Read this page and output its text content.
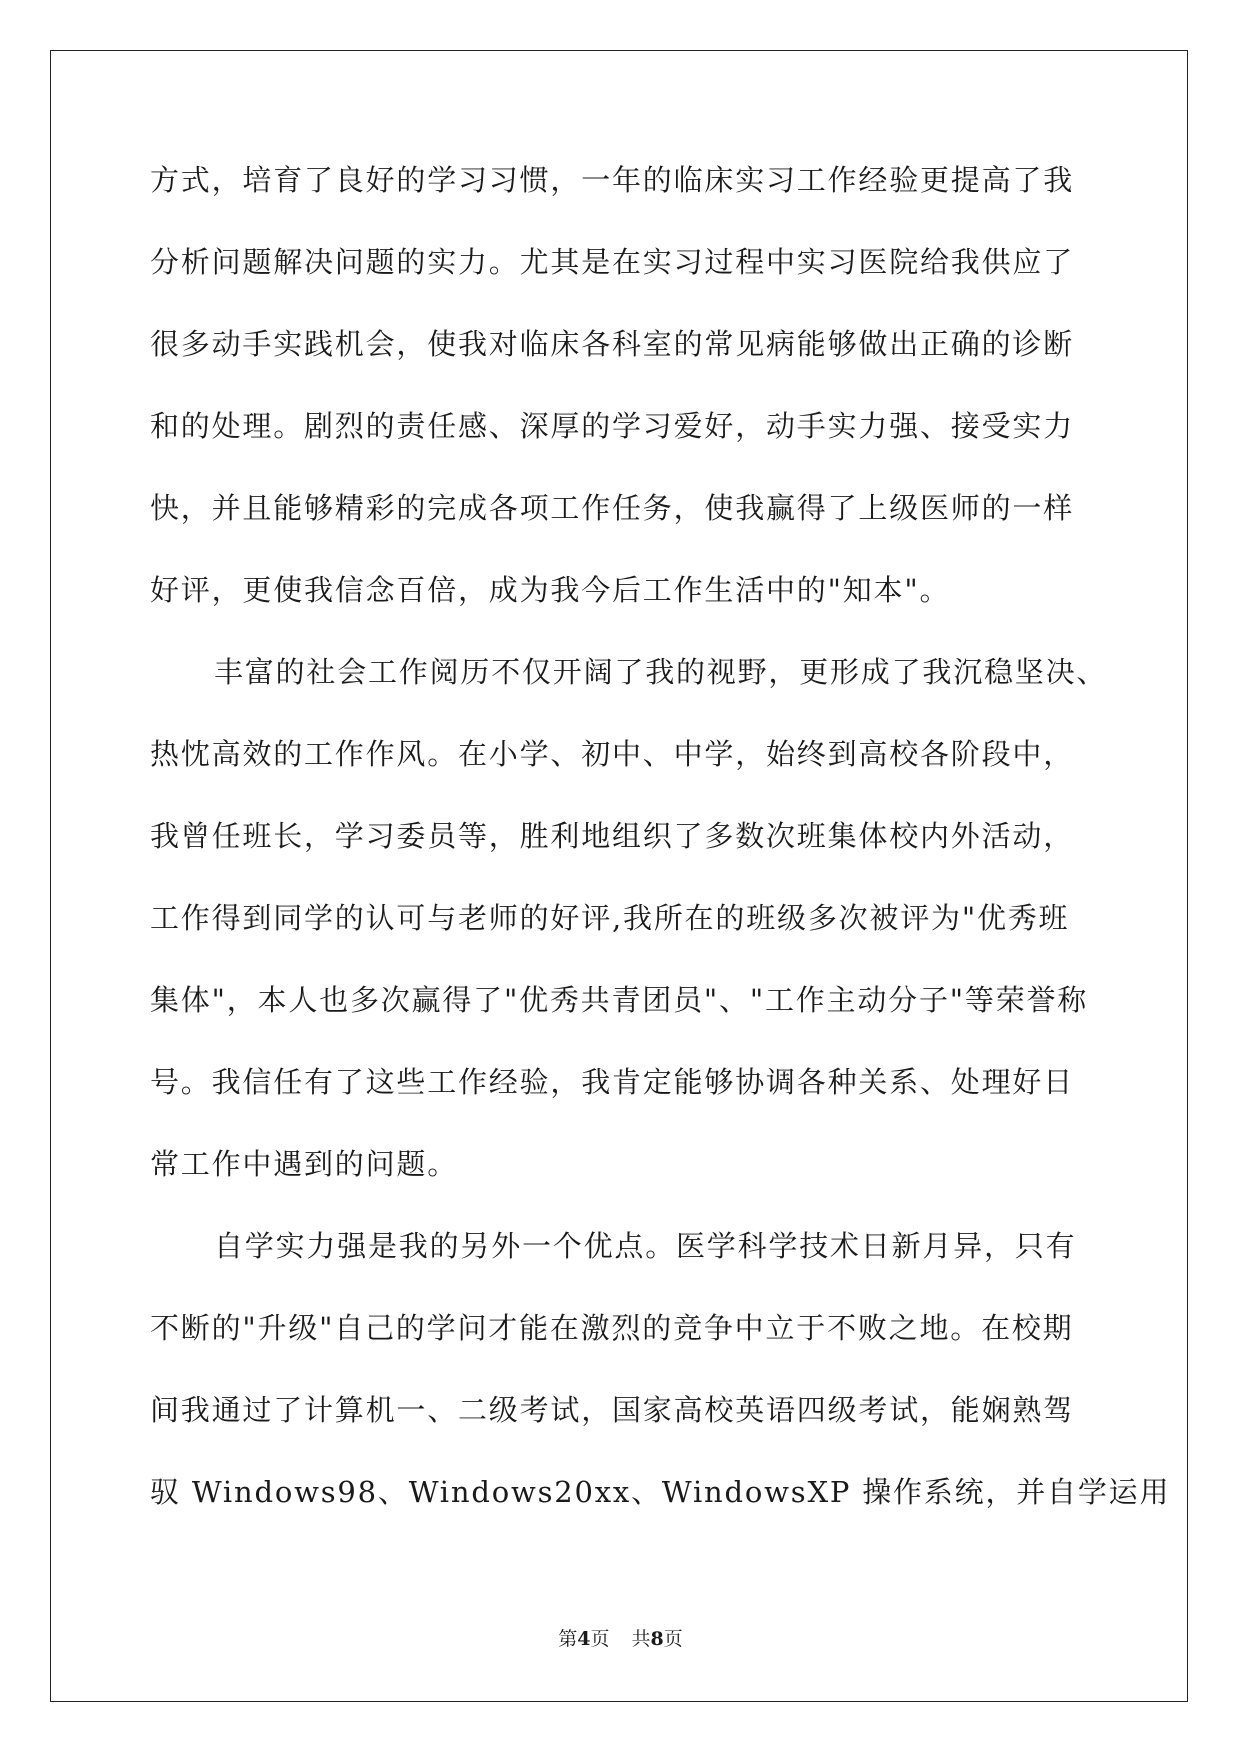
方式，培育了良好的学习习惯，一年的临床实习工作经验更提高了我
分析问题解决问题的实力。尤其是在实习过程中实习医院给我供应了
很多动手实践机会，使我对临床各科室的常见病能够做出正确的诊断
和的处理。剧烈的责任感、深厚的学习爱好，动手实力强、接受实力
快，并且能够精彩的完成各项工作任务，使我赢得了上级医师的一样
好评，更使我信念百倍，成为我今后工作生活中的"知本"。
丰富的社会工作阅历不仅开阔了我的视野，更形成了我沉稳坚决、
热忱高效的工作作风。在小学、初中、中学，始终到高校各阶段中，
我曾任班长，学习委员等，胜利地组织了多数次班集体校内外活动，
工作得到同学的认可与老师的好评,我所在的班级多次被评为"优秀班
集体"，本人也多次赢得了"优秀共青团员"、"工作主动分子"等荣誉称
号。我信任有了这些工作经验，我肯定能够协调各种关系、处理好日
常工作中遇到的问题。
自学实力强是我的另外一个优点。医学科学技术日新月异，只有
不断的"升级"自己的学问才能在激烈的竞争中立于不败之地。在校期
间我通过了计算机一、二级考试，国家高校英语四级考试，能娴熟驾
驭 Windows98、Windows20xx、WindowsXP 操作系统，并自学运用
第4页 共8页
